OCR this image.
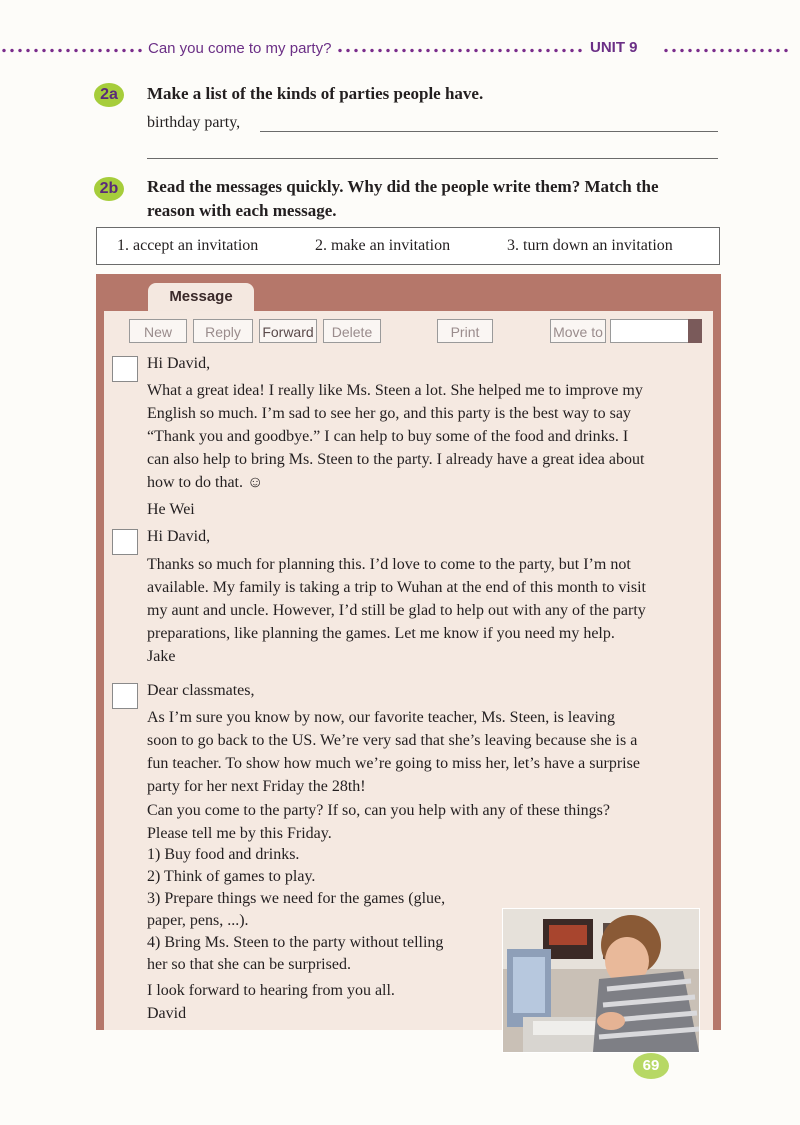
Can you come to my party?	UNIT 9
2a	Make a list of the kinds of parties people have.
birthday party,
2b	Read the messages quickly. Why did the people write them? Match the
reason with each message.
1. accept an invitation	2. make an invitation	3. turn down an invitation
Message
New	Reply	Forward	Delete	Print	Move to
Hi David,
What a great idea! I really like Ms. Steen a lot. She helped me to improve my
English so much. I’m sad to see her go, and this party is the best way to say
“Thank you and goodbye.” I can help to buy some of the food and drinks. I
can also help to bring Ms. Steen to the party. I already have a great idea about
how to do that. ☺
He Wei
Hi David,
Thanks so much for planning this. I’d love to come to the party, but I’m not
available. My family is taking a trip to Wuhan at the end of this month to visit
my aunt and uncle. However, I’d still be glad to help out with any of the party
preparations, like planning the games. Let me know if you need my help.
Jake
Dear classmates,
As I’m sure you know by now, our favorite teacher, Ms. Steen, is leaving
soon to go back to the US. We’re very sad that she’s leaving because she is a
fun teacher. To show how much we’re going to miss her, let’s have a surprise
party for her next Friday the 28th!
Can you come to the party? If so, can you help with any of these things?
Please tell me by this Friday.
1) Buy food and drinks.
2) Think of games to play.
3) Prepare things we need for the games (glue,
paper, pens, ...).
4) Bring Ms. Steen to the party without telling
her so that she can be surprised.
I look forward to hearing from you all.
David
69
